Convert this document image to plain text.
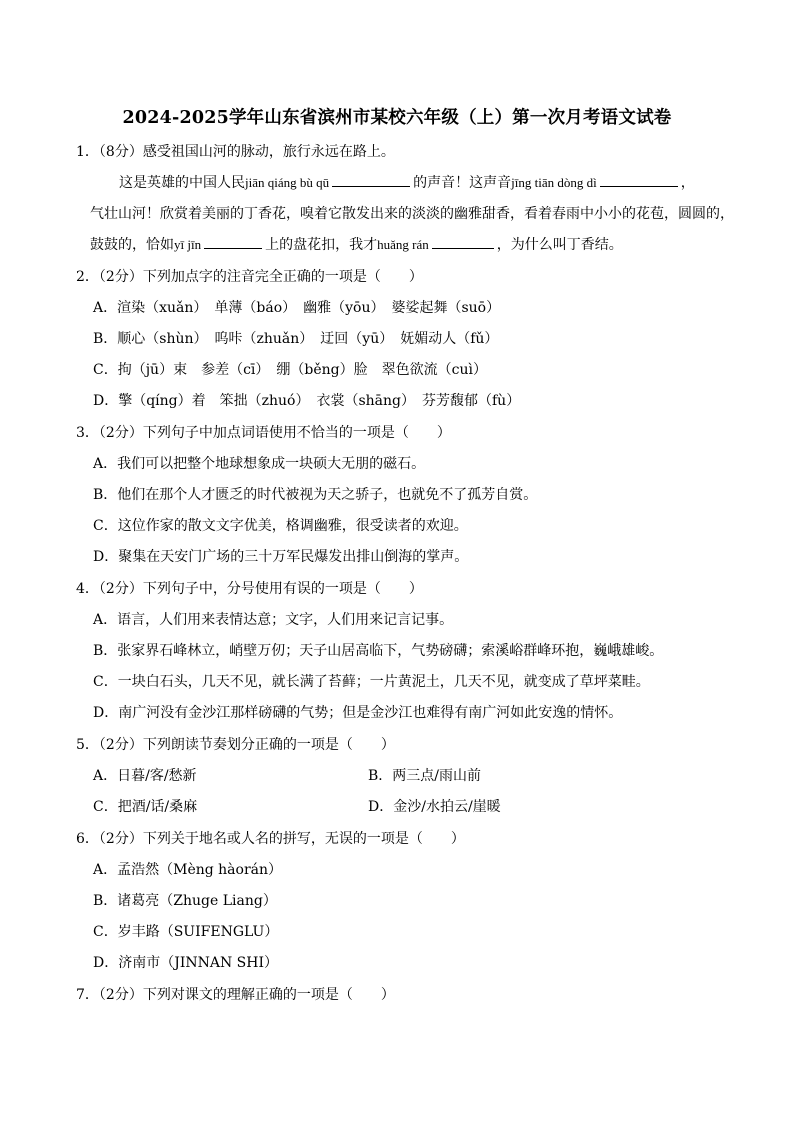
2024-2025学年山东省滨州市某校六年级（上）第一次月考语文试卷
1．（8分）感受祖国山河的脉动，旅行永远在路上。
这是英雄的中国人民jiān qiáng bù qū	的声音！这声音jīng tiān dòng dì	，
气壮山河！欣赏着美丽的丁香花，嗅着它散发出来的淡淡的幽雅甜香，看着春雨中小小的花苞，圆圆的，
鼓鼓的，恰如yī jīn	上的盘花扣，我才huǎng rán	，为什么叫丁香结。
2．（2分）下列加点字的注音完全正确的一项是（　　）
A．渲染（xuǎn）　单薄（báo）　幽雅（yōu）　婆娑起舞（suō）
B．顺心（shùn）　呜咔（zhuǎn）　迂回（yū）　妩媚动人（fǔ）
C．拘（jū）束　参差（cī）　绷（běng）脸　翠色欲流（cuì）
D．擎（qíng）着　笨拙（zhuó）　衣裳（shāng）　芬芳馥郁（fù）
3．（2分）下列句子中加点词语使用不恰当的一项是（　　）
A．我们可以把整个地球想象成一块硕大无朋的磁石。
B．他们在那个人才匮乏的时代被视为天之骄子，也就免不了孤芳自赏。
C．这位作家的散文文字优美，格调幽雅，很受读者的欢迎。
D．聚集在天安门广场的三十万军民爆发出排山倒海的掌声。
4．（2分）下列句子中，分号使用有误的一项是（　　）
A．语言，人们用来表情达意；文字，人们用来记言记事。
B．张家界石峰林立，峭壁万仞；天子山居高临下，气势磅礴；索溪峪群峰环抱，巍峨雄峻。
C．一块白石头，几天不见，就长满了苔藓；一片黄泥土，几天不见，就变成了草坪菜畦。
D．南广河没有金沙江那样磅礴的气势；但是金沙江也难得有南广河如此安逸的情怀。
5．（2分）下列朗读节奏划分正确的一项是（　　）
A．日暮/客/愁新	B．两三点/雨山前
C．把酒/话/桑麻	D．金沙/水拍云/崖暖
6．（2分）下列关于地名或人名的拼写，无误的一项是（　　）
A．孟浩然（Mèng hàorán）
B．诸葛亮（Zhuge Liang）
C．岁丰路（SUIFENGLU）
D．济南市（JINNAN SHI）
7．（2分）下列对课文的理解正确的一项是（　　）
